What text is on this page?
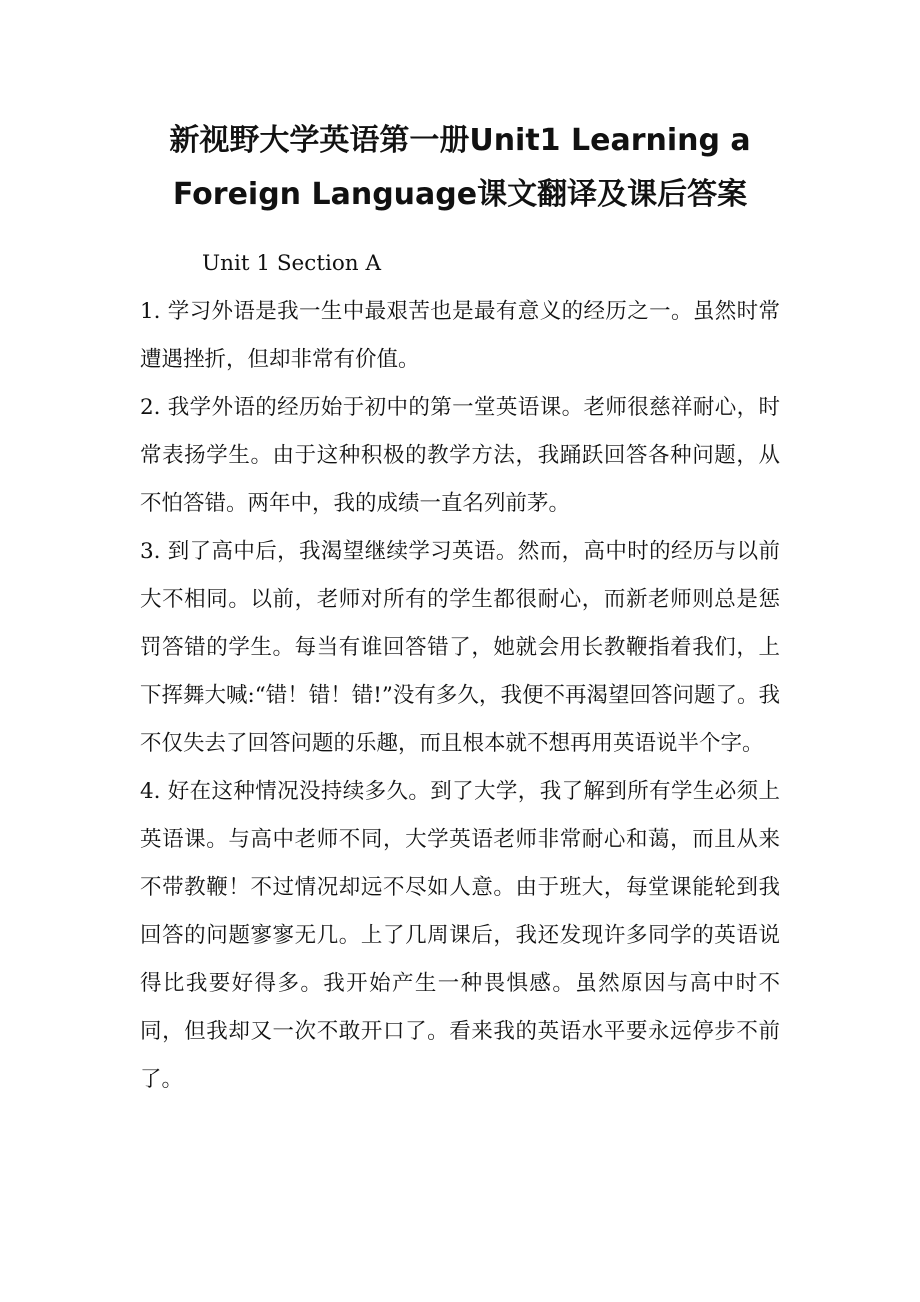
新视野大学英语第一册Unit1 Learning a
Foreign Language课文翻译及课后答案

Unit 1 Section A

1. 学习外语是我一生中最艰苦也是最有意义的经历之一。虽然时常遭遇挫折，但却非常有价值。

2. 我学外语的经历始于初中的第一堂英语课。老师很慈祥耐心，时常表扬学生。由于这种积极的教学方法，我踊跃回答各种问题，从不怕答错。两年中，我的成绩一直名列前茅。

3. 到了高中后，我渴望继续学习英语。然而，高中时的经历与以前大不相同。以前，老师对所有的学生都很耐心，而新老师则总是惩罚答错的学生。每当有谁回答错了，她就会用长教鞭指着我们，上下挥舞大喊:“错！错！错!”没有多久，我便不再渴望回答问题了。我不仅失去了回答问题的乐趣，而且根本就不想再用英语说半个字。

4. 好在这种情况没持续多久。到了大学，我了解到所有学生必须上英语课。与高中老师不同，大学英语老师非常耐心和蔼，而且从来不带教鞭！不过情况却远不尽如人意。由于班大，每堂课能轮到我回答的问题寥寥无几。上了几周课后，我还发现许多同学的英语说得比我要好得多。我开始产生一种畏惧感。虽然原因与高中时不同，但我却又一次不敢开口了。看来我的英语水平要永远停步不前了。
